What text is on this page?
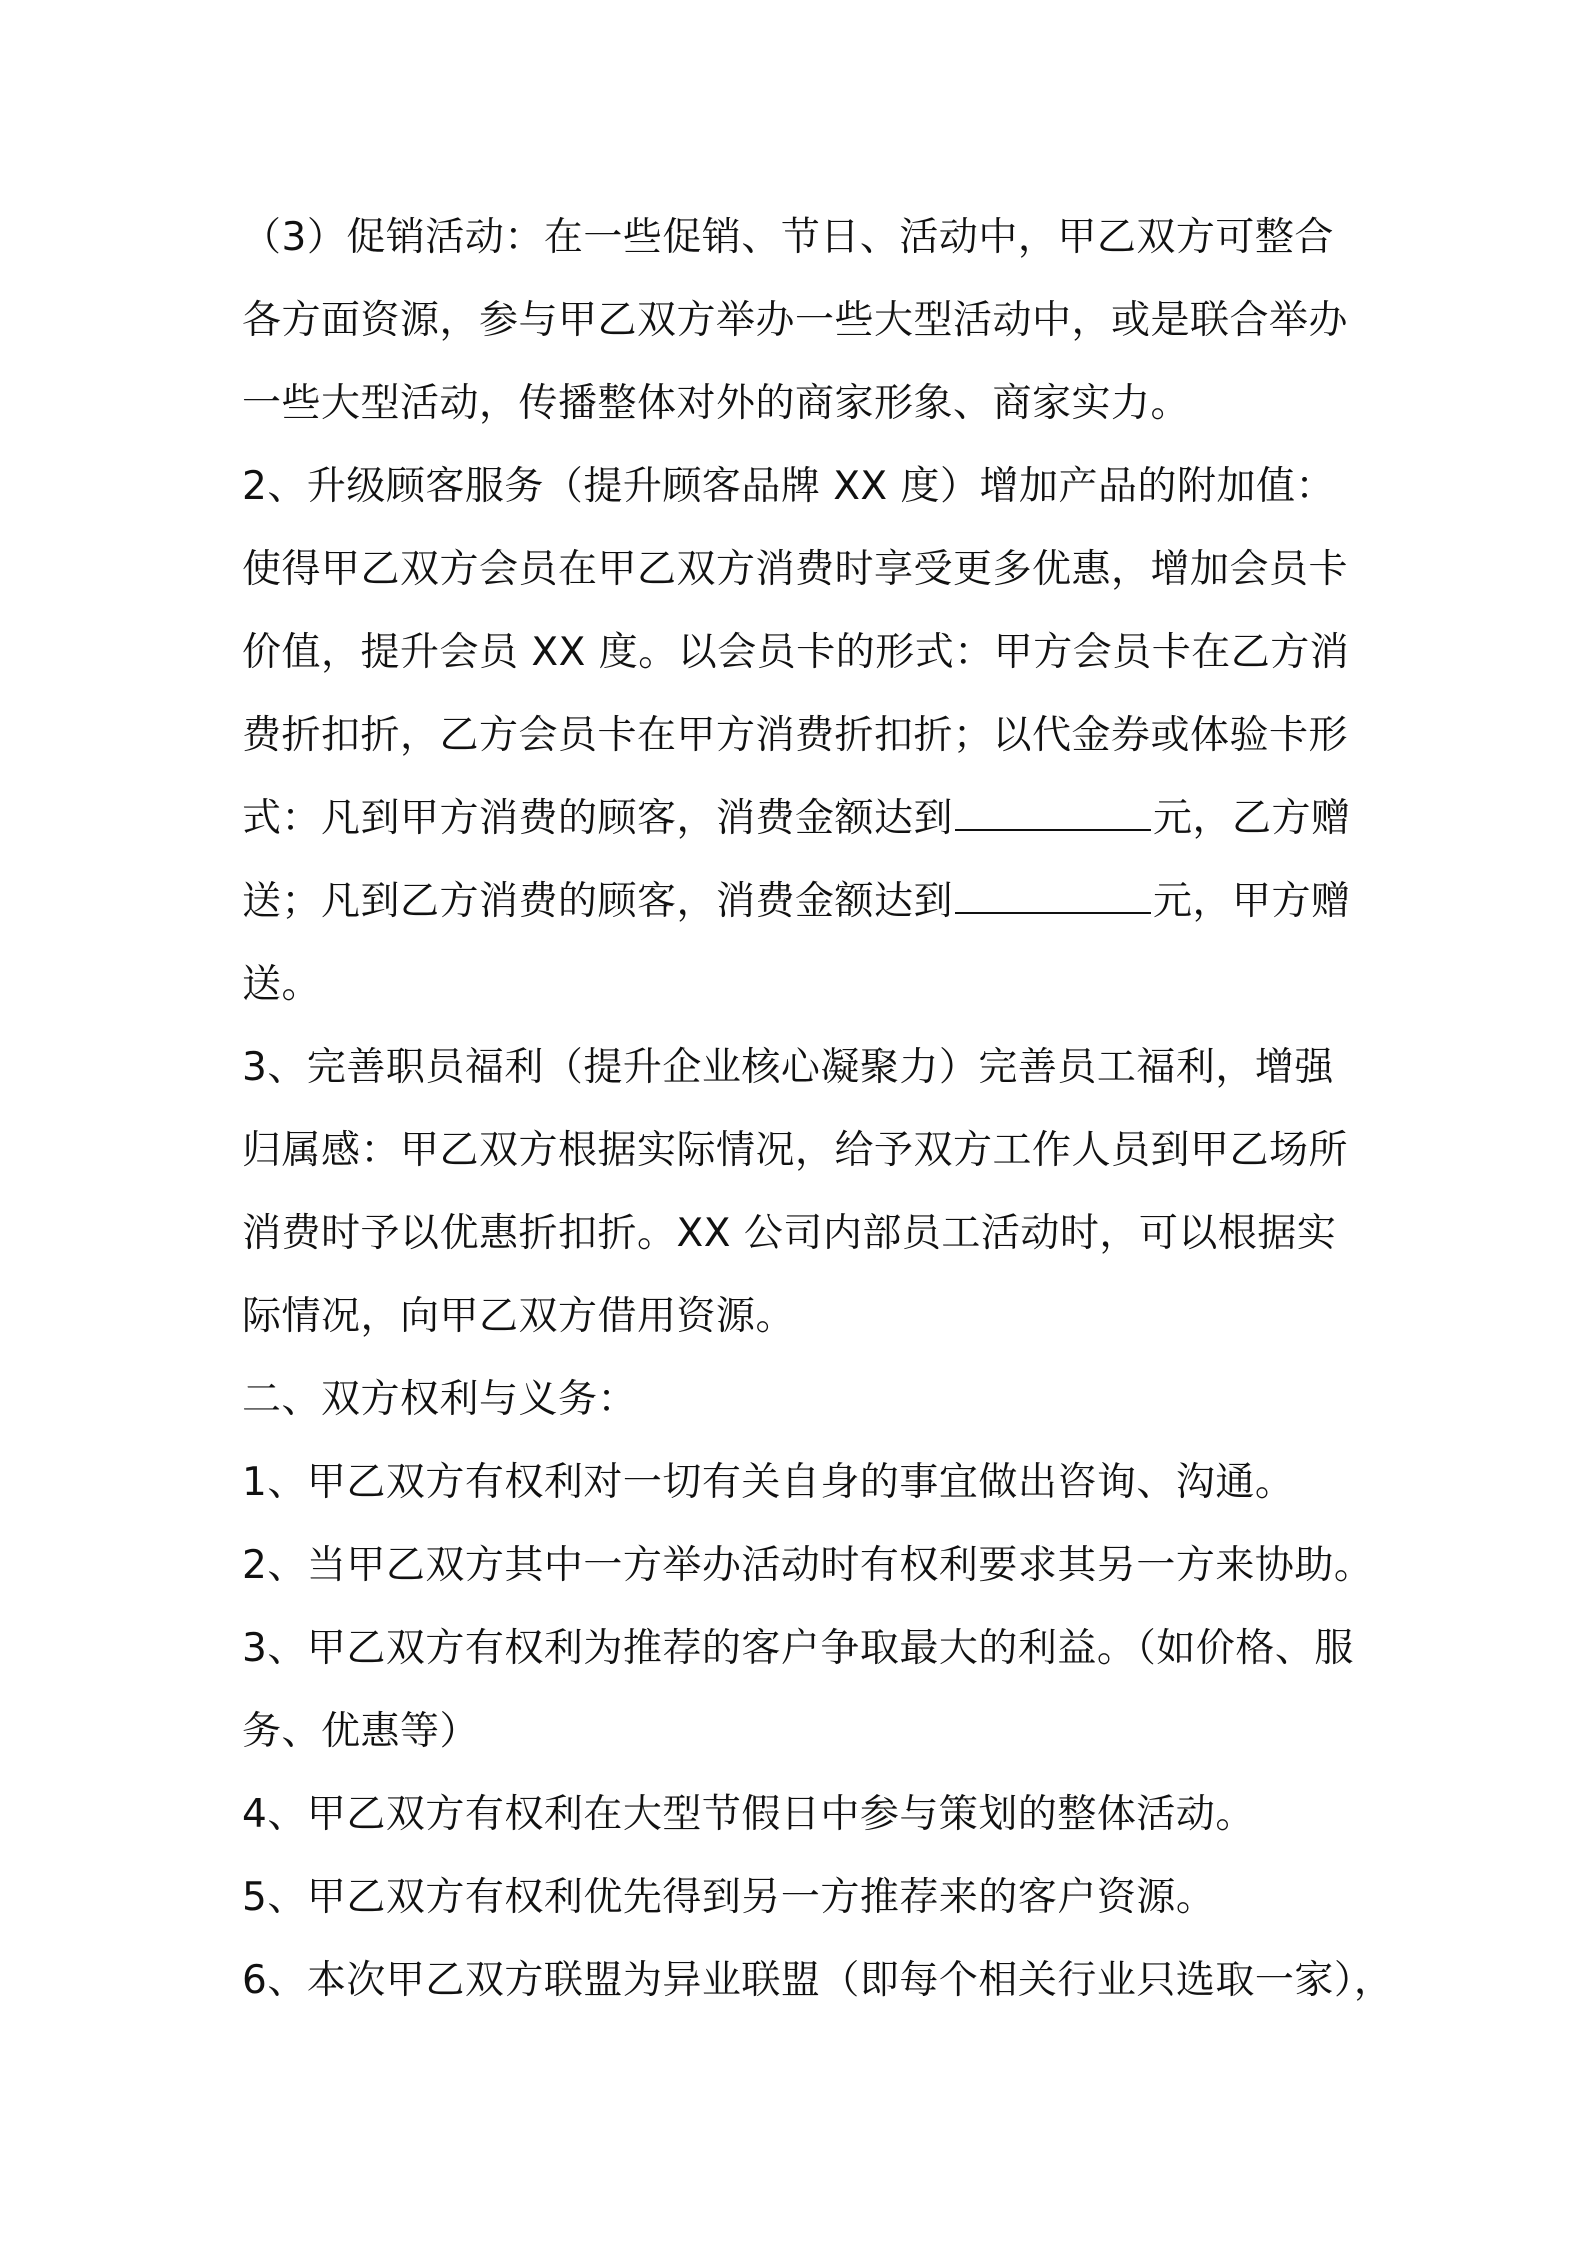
（3）促销活动：在一些促销、节日、活动中，甲乙双方可整合
各方面资源，参与甲乙双方举办一些大型活动中，或是联合举办
一些大型活动，传播整体对外的商家形象、商家实力。
2、升级顾客服务（提升顾客品牌 XX 度）增加产品的附加值：
使得甲乙双方会员在甲乙双方消费时享受更多优惠，增加会员卡
价值，提升会员 XX 度。以会员卡的形式：甲方会员卡在乙方消
费折扣折，乙方会员卡在甲方消费折扣折；以代金券或体验卡形
式：凡到甲方消费的顾客，消费金额达到	元，乙方赠
送；凡到乙方消费的顾客，消费金额达到	元，甲方赠
送。
3、完善职员福利（提升企业核心凝聚力）完善员工福利，增强
归属感：甲乙双方根据实际情况，给予双方工作人员到甲乙场所
消费时予以优惠折扣折。XX 公司内部员工活动时，可以根据实
际情况，向甲乙双方借用资源。
二、双方权利与义务：
1、甲乙双方有权利对一切有关自身的事宜做出咨询、沟通。
2、当甲乙双方其中一方举办活动时有权利要求其另一方来协助。
3、甲乙双方有权利为推荐的客户争取最大的利益。（如价格、服
务、优惠等）
4、甲乙双方有权利在大型节假日中参与策划的整体活动。
5、甲乙双方有权利优先得到另一方推荐来的客户资源。
6、本次甲乙双方联盟为异业联盟（即每个相关行业只选取一家），
